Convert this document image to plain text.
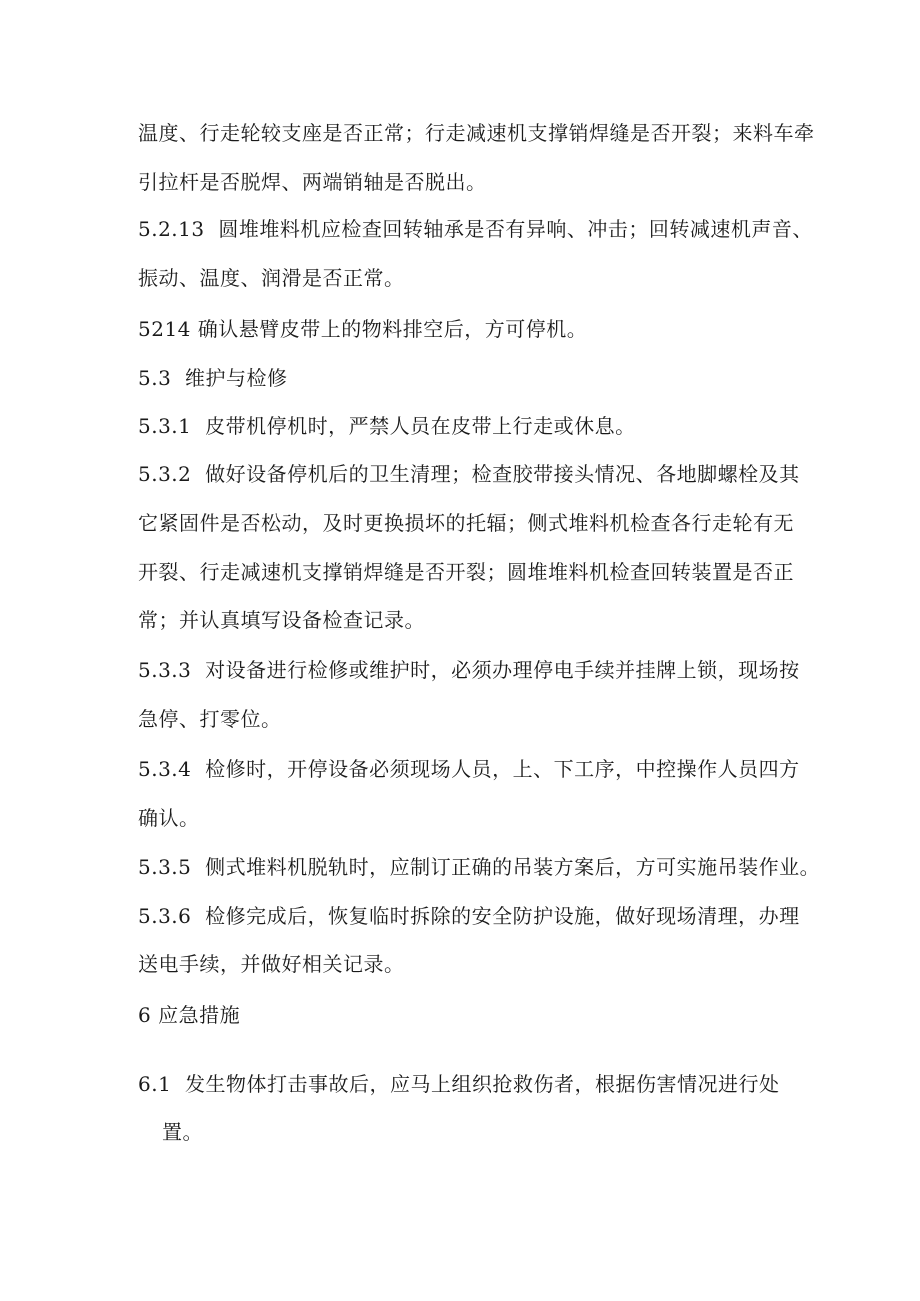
温度、行走轮较支座是否正常；行走减速机支撑销焊缝是否开裂；来料车牵
引拉杆是否脱焊、两端销轴是否脱出。
5.2.13  圆堆堆料机应检查回转轴承是否有异响、冲击；回转减速机声音、
振动、温度、润滑是否正常。
5214 确认悬臂皮带上的物料排空后，方可停机。
5.3  维护与检修
5.3.1  皮带机停机时，严禁人员在皮带上行走或休息。
5.3.2  做好设备停机后的卫生清理；检查胶带接头情况、各地脚螺栓及其
它紧固件是否松动，及时更换损坏的托辐；侧式堆料机检查各行走轮有无
开裂、行走减速机支撑销焊缝是否开裂；圆堆堆料机检查回转装置是否正
常；并认真填写设备检查记录。
5.3.3  对设备进行检修或维护时，必须办理停电手续并挂牌上锁，现场按
急停、打零位。
5.3.4  检修时，开停设备必须现场人员，上、下工序，中控操作人员四方
确认。
5.3.5  侧式堆料机脱轨时，应制订正确的吊装方案后，方可实施吊装作业。
5.3.6  检修完成后，恢复临时拆除的安全防护设施，做好现场清理，办理
送电手续，并做好相关记录。
6 应急措施
6.1  发生物体打击事故后，应马上组织抢救伤者，根据伤害情况进行处
置。
